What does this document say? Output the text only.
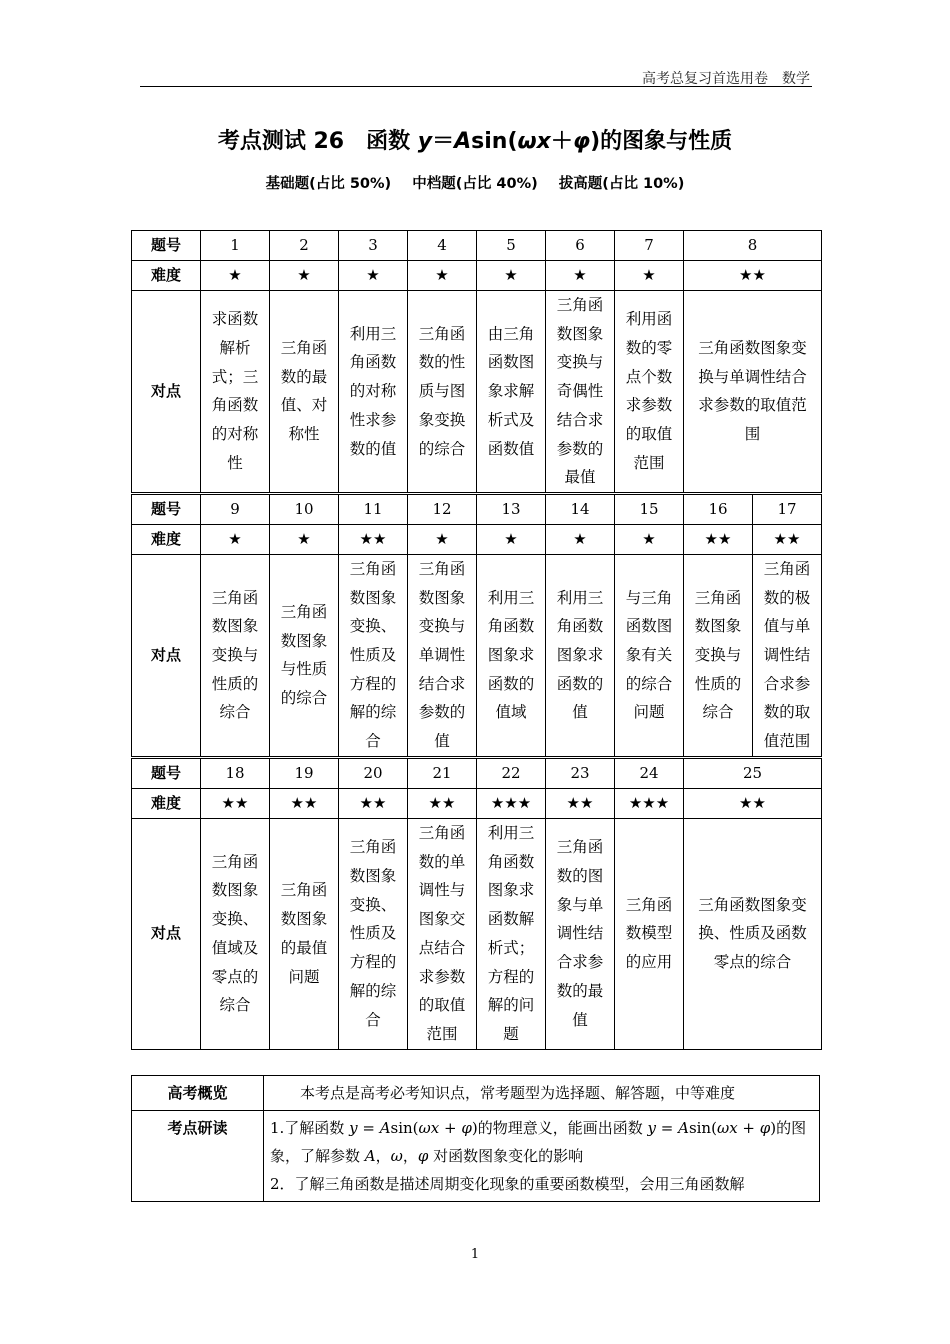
高考总复习首选用卷　数学
考点测试 26　函数 y＝Asin(ωx＋φ)的图象与性质
基础题(占比 50%) 中档题(占比 40%) 拔高题(占比 10%)
题号	1	2	3	4	5	6	7	8	
难度	★	★	★	★	★	★	★	★★	
对点	求函数解析式；三角函数的对称性	三角函数的最值、对称性	利用三角函数的对称性求参数的值	三角函数的性质与图象变换的综合	由三角函数图象求解析式及函数值	三角函数图象变换与奇偶性结合求参数的最值	利用函数的零点个数求参数的取值范围	三角函数图象变换与单调性结合求参数的取值范围	
题号	9	10	11	12	13	14	15	16	17
难度	★	★	★★	★	★	★	★	★★	★★
对点	三角函数图象变换与性质的综合	三角函数图象与性质的综合	三角函数图象变换、性质及方程的解的综合	三角函数图象变换与单调性结合求参数的值	利用三角函数图象求函数的值域	利用三角函数图象求函数的值	与三角函数图象有关的综合问题	三角函数图象变换与性质的综合	三角函数的极值与单调性结合求参数的取值范围
题号	18	19	20	21	22	23	24	25	
难度	★★	★★	★★	★★	★★★	★★	★★★	★★	
对点	三角函数图象变换、值域及零点的综合	三角函数图象的最值问题	三角函数图象变换、性质及方程的解的综合	三角函数的单调性与图象交点结合求参数的取值范围	利用三角函数图象求函数解析式；方程的解的问题	三角函数的图象与单调性结合求参数的最值	三角函数模型的应用	三角函数图象变换、性质及函数零点的综合	
高考概览	本考点是高考必考知识点，常考题型为选择题、解答题，中等难度
考点研读	1.了解函数 y = Asin(ωx + φ)的物理意义，能画出函数 y = Asin(ωx + φ)的图象，了解参数 A，ω，φ 对函数图象变化的影响
2．了解三角函数是描述周期变化现象的重要函数模型，会用三角函数解
1
